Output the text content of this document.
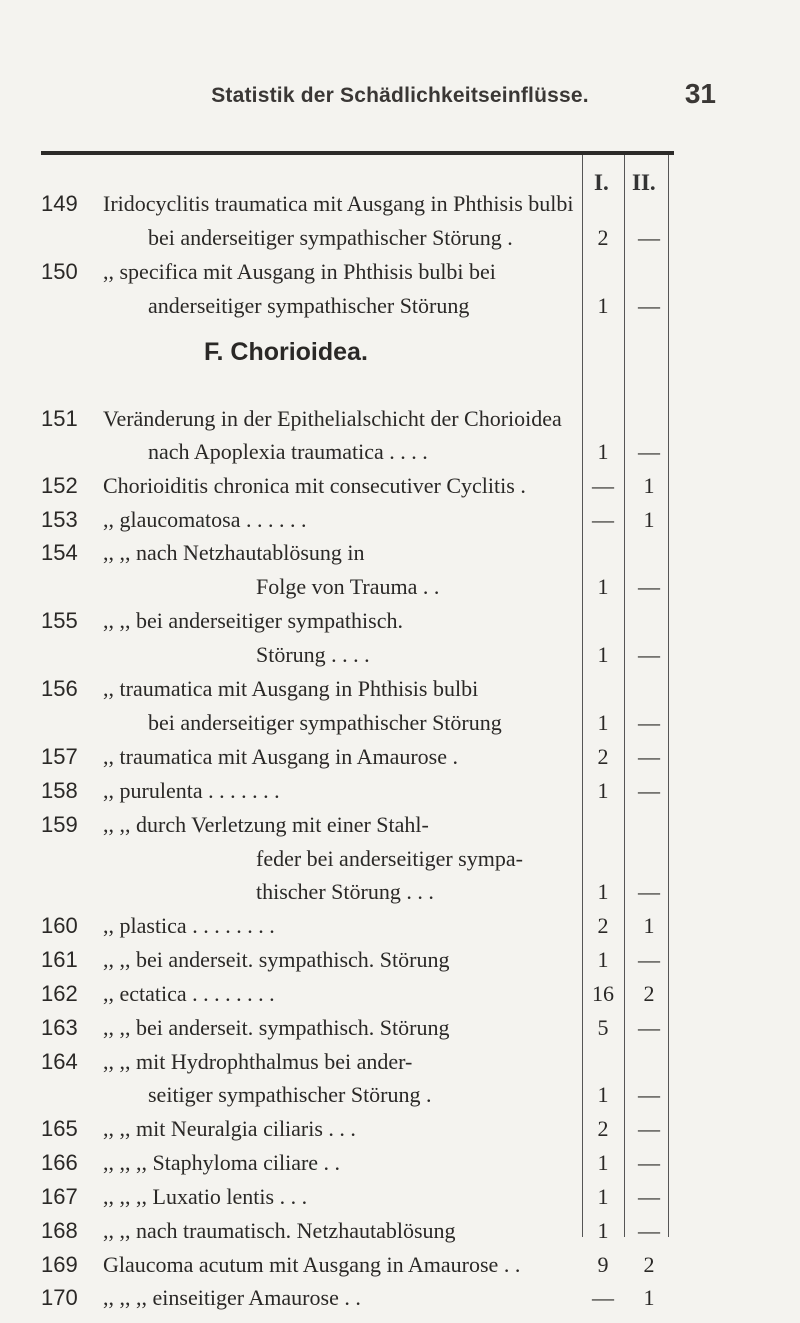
Statistik der Schädlichkeitseinflüsse.	31
I. II.
F. Chorioidea.
149	Iridocyclitis traumatica mit Ausgang in Phthisis bulbi
bei anderseitiger sympathischer Störung .	2	—
150	,, specifica mit Ausgang in Phthisis bulbi bei
anderseitiger sympathischer Störung	1	—
151	Veränderung in der Epithelialschicht der Chorioidea
nach Apoplexia traumatica . . . .	1	—
152	Chorioiditis chronica mit consecutiver Cyclitis .	—	1
153	,, glaucomatosa . . . . . .	—	1
154	,, ,, nach Netzhautablösung in
Folge von Trauma . .	1	—
155	,, ,, bei anderseitiger sympathisch.
Störung . . . .	1	—
156	,, traumatica mit Ausgang in Phthisis bulbi
bei anderseitiger sympathischer Störung	1	—
157	,, traumatica mit Ausgang in Amaurose .	2	—
158	,, purulenta . . . . . . .	1	—
159	,, ,, durch Verletzung mit einer Stahl-
feder bei anderseitiger sympa-
thischer Störung . . .	1	—
160	,, plastica . . . . . . . .	2	1
161	,, ,, bei anderseit. sympathisch. Störung	1	—
162	,, ectatica . . . . . . . .	16	2
163	,, ,, bei anderseit. sympathisch. Störung	5	—
164	,, ,, mit Hydrophthalmus bei ander-
seitiger sympathischer Störung .	1	—
165	,, ,, mit Neuralgia ciliaris . . .	2	—
166	,, ,, ,, Staphyloma ciliare . .	1	—
167	,, ,, ,, Luxatio lentis . . .	1	—
168	,, ,, nach traumatisch. Netzhautablösung	1	—
169	Glaucoma acutum mit Ausgang in Amaurose . .	9	2
170	,, ,, ,, einseitiger Amaurose . .	—	1
